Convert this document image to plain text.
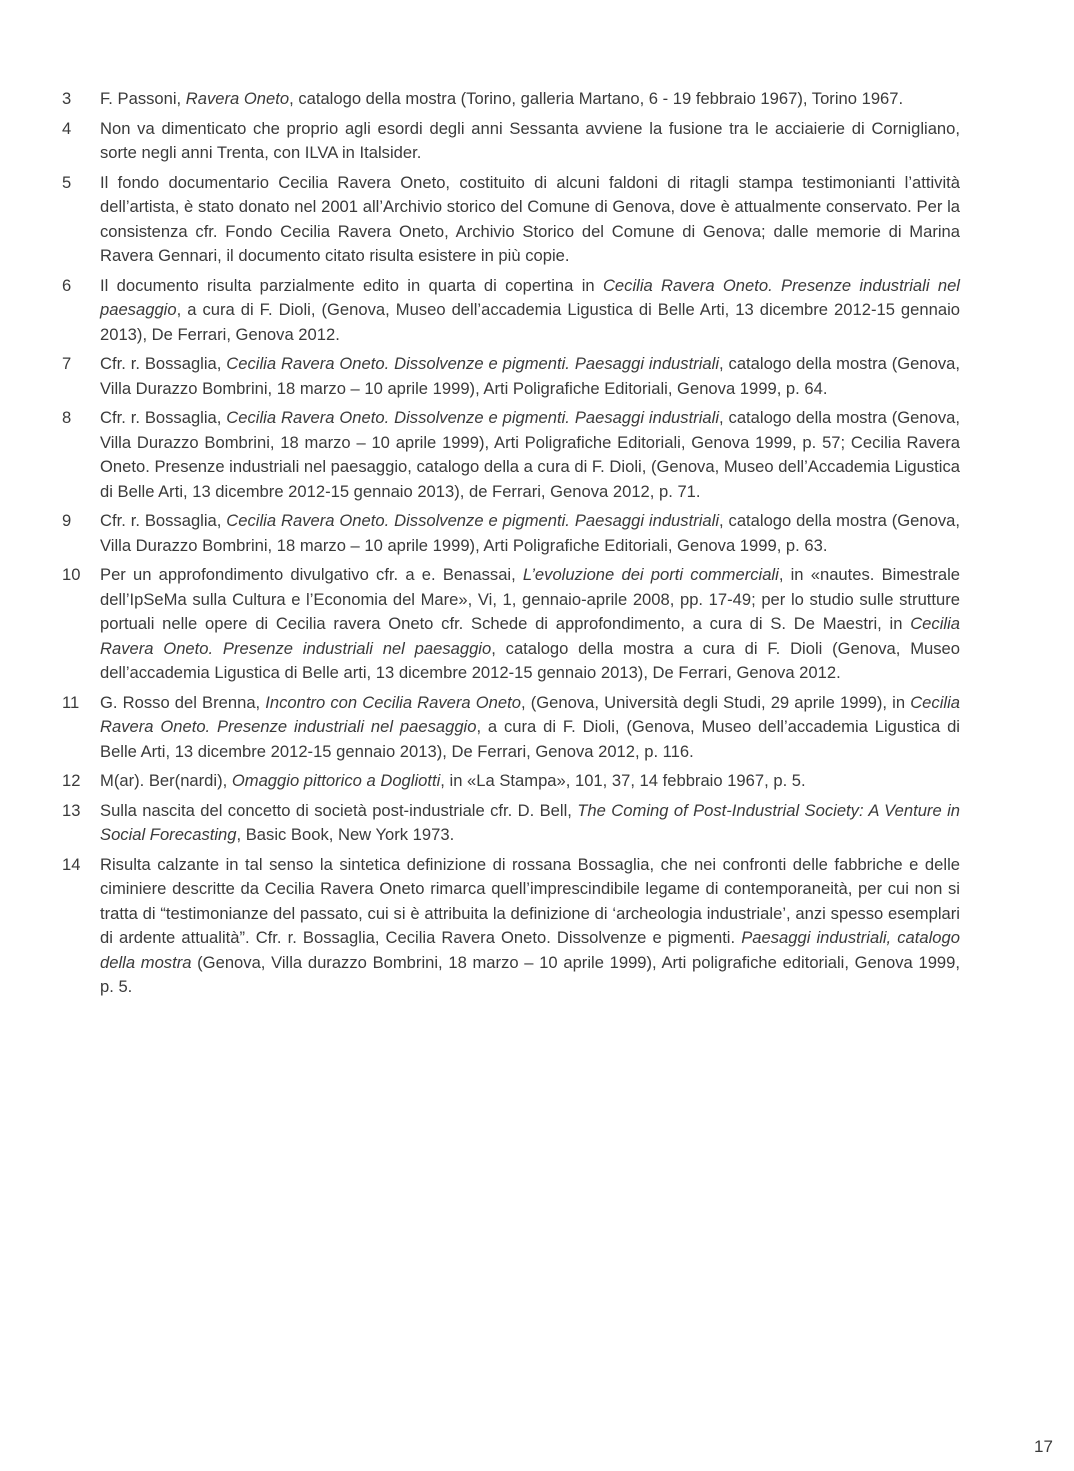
3	F. Passoni, Ravera Oneto, catalogo della mostra (Torino, galleria Martano, 6 - 19 febbraio 1967), Torino 1967.
4	Non va dimenticato che proprio agli esordi degli anni Sessanta avviene la fusione tra le acciaierie di Cornigliano, sorte negli anni Trenta, con ILVA in Italsider.
5	Il fondo documentario Cecilia Ravera Oneto, costituito di alcuni faldoni di ritagli stampa testimonianti l’attività dell’artista, è stato donato nel 2001 all’Archivio storico del Comune di Genova, dove è attualmente conservato. Per la consistenza cfr. Fondo Cecilia Ravera Oneto, Archivio Storico del Comune di Genova; dalle memorie di Marina Ravera Gennari, il documento citato risulta esistere in più copie.
6	Il documento risulta parzialmente edito in quarta di copertina in Cecilia Ravera Oneto. Presenze industriali nel paesaggio, a cura di F. Dioli, (Genova, Museo dell’accademia Ligustica di Belle Arti, 13 dicembre 2012-15 gennaio 2013), De Ferrari, Genova 2012.
7	Cfr. r. Bossaglia, Cecilia Ravera Oneto. Dissolvenze e pigmenti. Paesaggi industriali, catalogo della mostra (Genova, Villa Durazzo Bombrini, 18 marzo – 10 aprile 1999), Arti Poligrafiche Editoriali, Genova 1999, p. 64.
8	Cfr. r. Bossaglia, Cecilia Ravera Oneto. Dissolvenze e pigmenti. Paesaggi industriali, catalogo della mostra (Genova, Villa Durazzo Bombrini, 18 marzo – 10 aprile 1999), Arti Poligrafiche Editoriali, Genova 1999, p. 57; Cecilia Ravera Oneto. Presenze industriali nel paesaggio, catalogo della a cura di F. Dioli, (Genova, Museo dell’Accademia Ligustica di Belle Arti, 13 dicembre 2012-15 gennaio 2013), de Ferrari, Genova 2012, p. 71.
9	Cfr. r. Bossaglia, Cecilia Ravera Oneto. Dissolvenze e pigmenti. Paesaggi industriali, catalogo della mostra (Genova, Villa Durazzo Bombrini, 18 marzo – 10 aprile 1999), Arti Poligrafiche Editoriali, Genova 1999, p. 63.
10	Per un approfondimento divulgativo cfr. a e. Benassai, L’evoluzione dei porti commerciali, in «nautes. Bimestrale dell’IpSeMa sulla Cultura e l’Economia del Mare», Vi, 1, gennaio-aprile 2008, pp. 17-49; per lo studio sulle strutture portuali nelle opere di Cecilia ravera Oneto cfr. Schede di approfondimento, a cura di S. De Maestri, in Cecilia Ravera Oneto. Presenze industriali nel paesaggio, catalogo della mostra a cura di F. Dioli (Genova, Museo dell’accademia Ligustica di Belle arti, 13 dicembre 2012-15 gennaio 2013), De Ferrari, Genova 2012.
11	G. Rosso del Brenna, Incontro con Cecilia Ravera Oneto, (Genova, Università degli Studi, 29 aprile 1999), in Cecilia Ravera Oneto. Presenze industriali nel paesaggio, a cura di F. Dioli, (Genova, Museo dell’accademia Ligustica di Belle Arti, 13 dicembre 2012-15 gennaio 2013), De Ferrari, Genova 2012, p. 116.
12	M(ar). Ber(nardi), Omaggio pittorico a Dogliotti, in «La Stampa», 101, 37, 14 febbraio 1967, p. 5.
13	Sulla nascita del concetto di società post-industriale cfr. D. Bell, The Coming of Post-Industrial Society: A Venture in Social Forecasting, Basic Book, New York 1973.
14	Risulta calzante in tal senso la sintetica definizione di rossana Bossaglia, che nei confronti delle fabbriche e delle ciminiere descritte da Cecilia Ravera Oneto rimarca quell’imprescindibile legame di contemporaneità, per cui non si tratta di “testimonianze del passato, cui si è attribuita la definizione di ‘archeologia industriale’, anzi spesso esemplari di ardente attualità”. Cfr. r. Bossaglia, Cecilia Ravera Oneto. Dissolvenze e pigmenti. Paesaggi industriali, catalogo della mostra (Genova, Villa durazzo Bombrini, 18 marzo – 10 aprile 1999), Arti poligrafiche editoriali, Genova 1999, p. 5.
17
